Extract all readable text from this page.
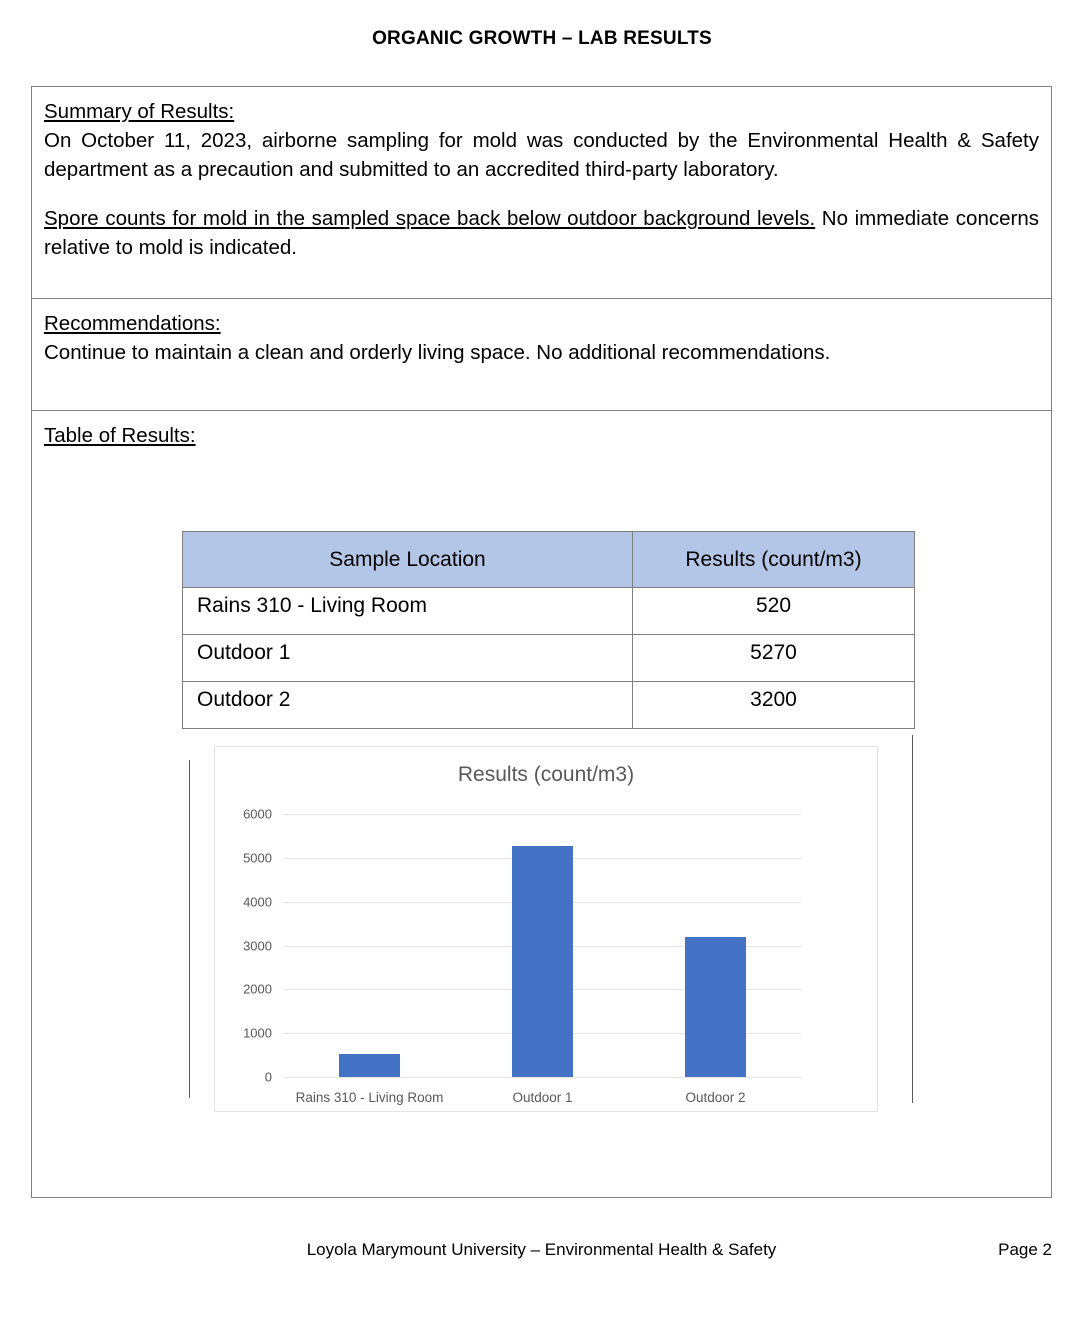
ORGANIC GROWTH – LAB RESULTS
Summary of Results:

On October 11, 2023, airborne sampling for mold was conducted by the Environmental Health & Safety department as a precaution and submitted to an accredited third-party laboratory.

Spore counts for mold in the sampled space back below outdoor background levels. No immediate concerns relative to mold is indicated.

Recommendations:

Continue to maintain a clean and orderly living space. No additional recommendations.

Table of Results:
Sample Location	Results (count/m3)
Rains 310 - Living Room	520
Outdoor 1	5270
Outdoor 2	3200
Results (count/m3)
0
1000
2000
3000
4000
5000
6000
Rains 310 - Living Room	Outdoor 1	Outdoor 2
Loyola Marymount University – Environmental Health & Safety	Page 2
